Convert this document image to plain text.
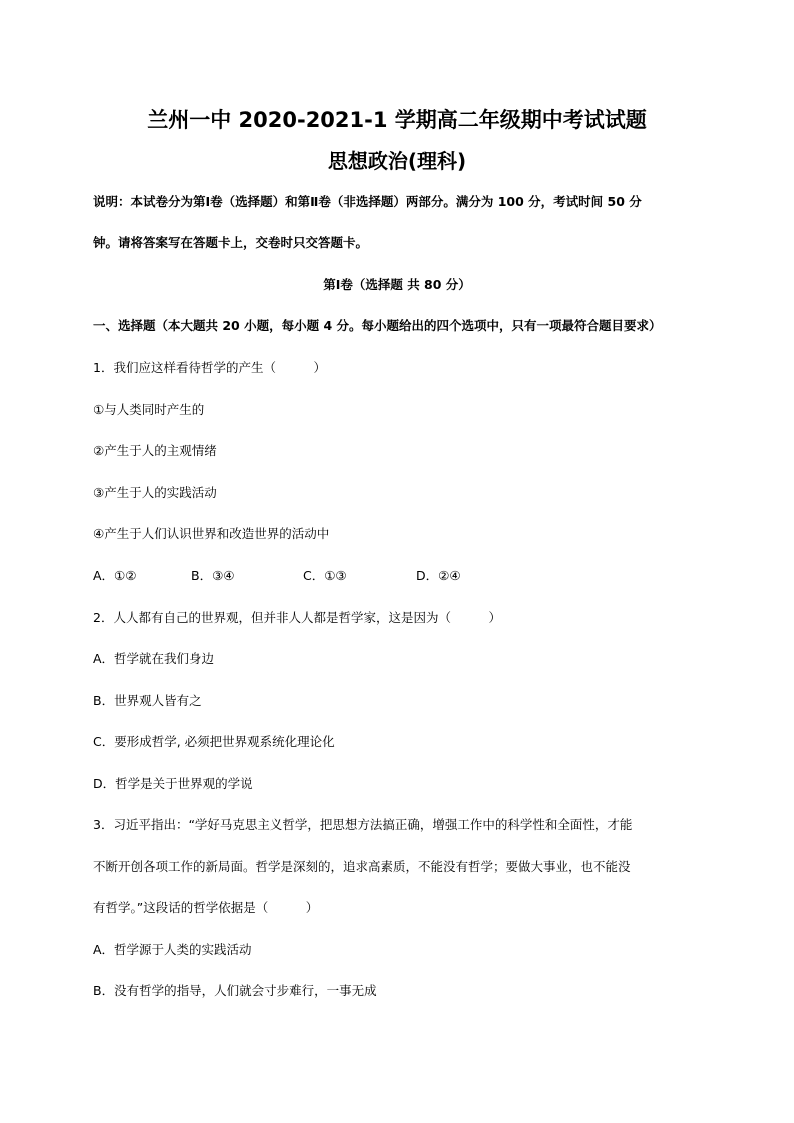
兰州一中 2020-2021-1 学期高二年级期中考试试题
思想政治(理科)
说明：本试卷分为第Ⅰ卷（选择题）和第Ⅱ卷（非选择题）两部分。满分为 100 分，考试时间 50 分
钟。请将答案写在答题卡上，交卷时只交答题卡。
第Ⅰ卷（选择题 共 80 分）
一、选择题（本大题共 20 小题，每小题 4 分。每小题给出的四个选项中，只有一项最符合题目要求）
1．我们应这样看待哲学的产生（　　　）
①与人类同时产生的
②产生于人的主观情绪
③产生于人的实践活动
④产生于人们认识世界和改造世界的活动中
A．①②	B．③④	C．①③	D．②④
2．人人都有自己的世界观，但并非人人都是哲学家，这是因为（　　　）
A．哲学就在我们身边
B．世界观人皆有之
C．要形成哲学, 必须把世界观系统化理论化
D．哲学是关于世界观的学说
3．习近平指出：“学好马克思主义哲学，把思想方法搞正确，增强工作中的科学性和全面性，才能
不断开创各项工作的新局面。哲学是深刻的，追求高素质，不能没有哲学；要做大事业，也不能没
有哲学。”这段话的哲学依据是（　　　）
A．哲学源于人类的实践活动
B．没有哲学的指导，人们就会寸步难行，一事无成
